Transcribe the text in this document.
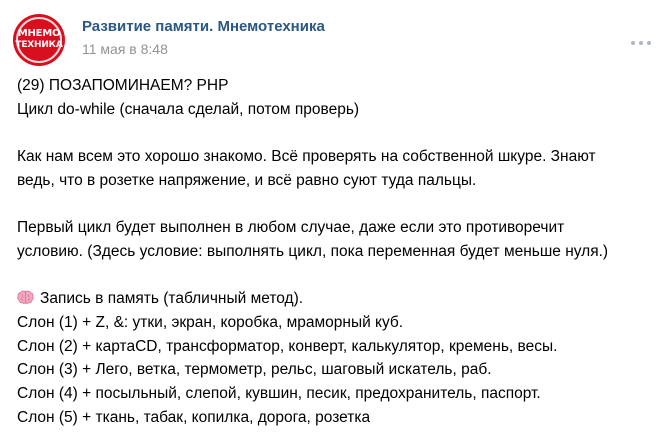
МНЕМО
ТЕХНИКА
Развитие памяти. Мнемотехника
11 мая в 8:48
(29) ПОЗАПОМИНАЕМ? PHP
Цикл do-while (сначала сделай, потом проверь)
Как нам всем это хорошо знакомо. Всё проверять на собственной шкуре. Знают
ведь, что в розетке напряжение, и всё равно суют туда пальцы.
Первый цикл будет выполнен в любом случае, даже если это противоречит
условию. (Здесь условие: выполнять цикл, пока переменная будет меньше нуля.)
Запись в память (табличный метод).
Слон (1) + Z, &: утки, экран, коробка, мраморный куб.
Слон (2) + картаCD, трансформатор, конверт, калькулятор, кремень, весы.
Слон (3) + Лего, ветка, термометр, рельс, шаговый искатель, раб.
Слон (4) + посыльный, слепой, кувшин, песик, предохранитель, паспорт.
Слон (5) + ткань, табак, копилка, дорога, розетка
